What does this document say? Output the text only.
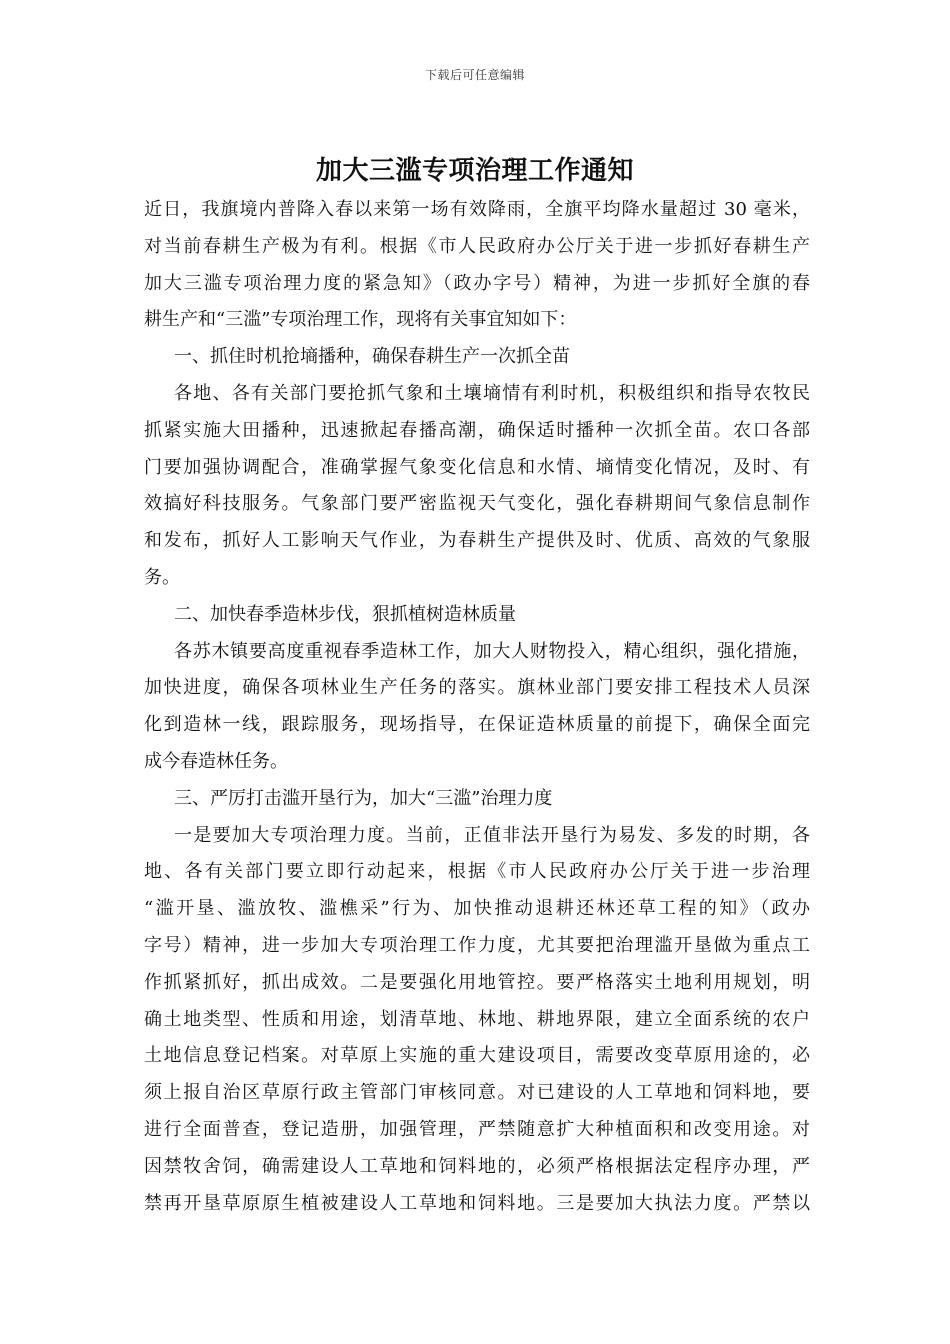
下载后可任意编辑
加大三滥专项治理工作通知
近日，我旗境内普降入春以来第一场有效降雨，全旗平均降水量超过 30 毫米，
对当前春耕生产极为有利。根据《市人民政府办公厅关于进一步抓好春耕生产
加大三滥专项治理力度的紧急知》（政办字号）精神，为进一步抓好全旗的春
耕生产和“三滥”专项治理工作，现将有关事宜知如下：
一、抓住时机抢墒播种，确保春耕生产一次抓全苗
各地、各有关部门要抢抓气象和土壤墒情有利时机，积极组织和指导农牧民
抓紧实施大田播种，迅速掀起春播高潮，确保适时播种一次抓全苗。农口各部
门要加强协调配合，准确掌握气象变化信息和水情、墒情变化情况，及时、有
效搞好科技服务。气象部门要严密监视天气变化，强化春耕期间气象信息制作
和发布，抓好人工影响天气作业，为春耕生产提供及时、优质、高效的气象服
务。
二、加快春季造林步伐，狠抓植树造林质量
各苏木镇要高度重视春季造林工作，加大人财物投入，精心组织，强化措施，
加快进度，确保各项林业生产任务的落实。旗林业部门要安排工程技术人员深
化到造林一线，跟踪服务，现场指导，在保证造林质量的前提下，确保全面完
成今春造林任务。
三、严厉打击滥开垦行为，加大“三滥”治理力度
一是要加大专项治理力度。当前，正值非法开垦行为易发、多发的时期，各
地、各有关部门要立即行动起来，根据《市人民政府办公厅关于进一步治理
“滥开垦、滥放牧、滥樵采”行为、加快推动退耕还林还草工程的知》（政办
字号）精神，进一步加大专项治理工作力度，尤其要把治理滥开垦做为重点工
作抓紧抓好，抓出成效。二是要强化用地管控。要严格落实土地利用规划，明
确土地类型、性质和用途，划清草地、林地、耕地界限，建立全面系统的农户
土地信息登记档案。对草原上实施的重大建设项目，需要改变草原用途的，必
须上报自治区草原行政主管部门审核同意。对已建设的人工草地和饲料地，要
进行全面普查，登记造册，加强管理，严禁随意扩大种植面积和改变用途。对
因禁牧舍饲，确需建设人工草地和饲料地的，必须严格根据法定程序办理，严
禁再开垦草原原生植被建设人工草地和饲料地。三是要加大执法力度。严禁以
